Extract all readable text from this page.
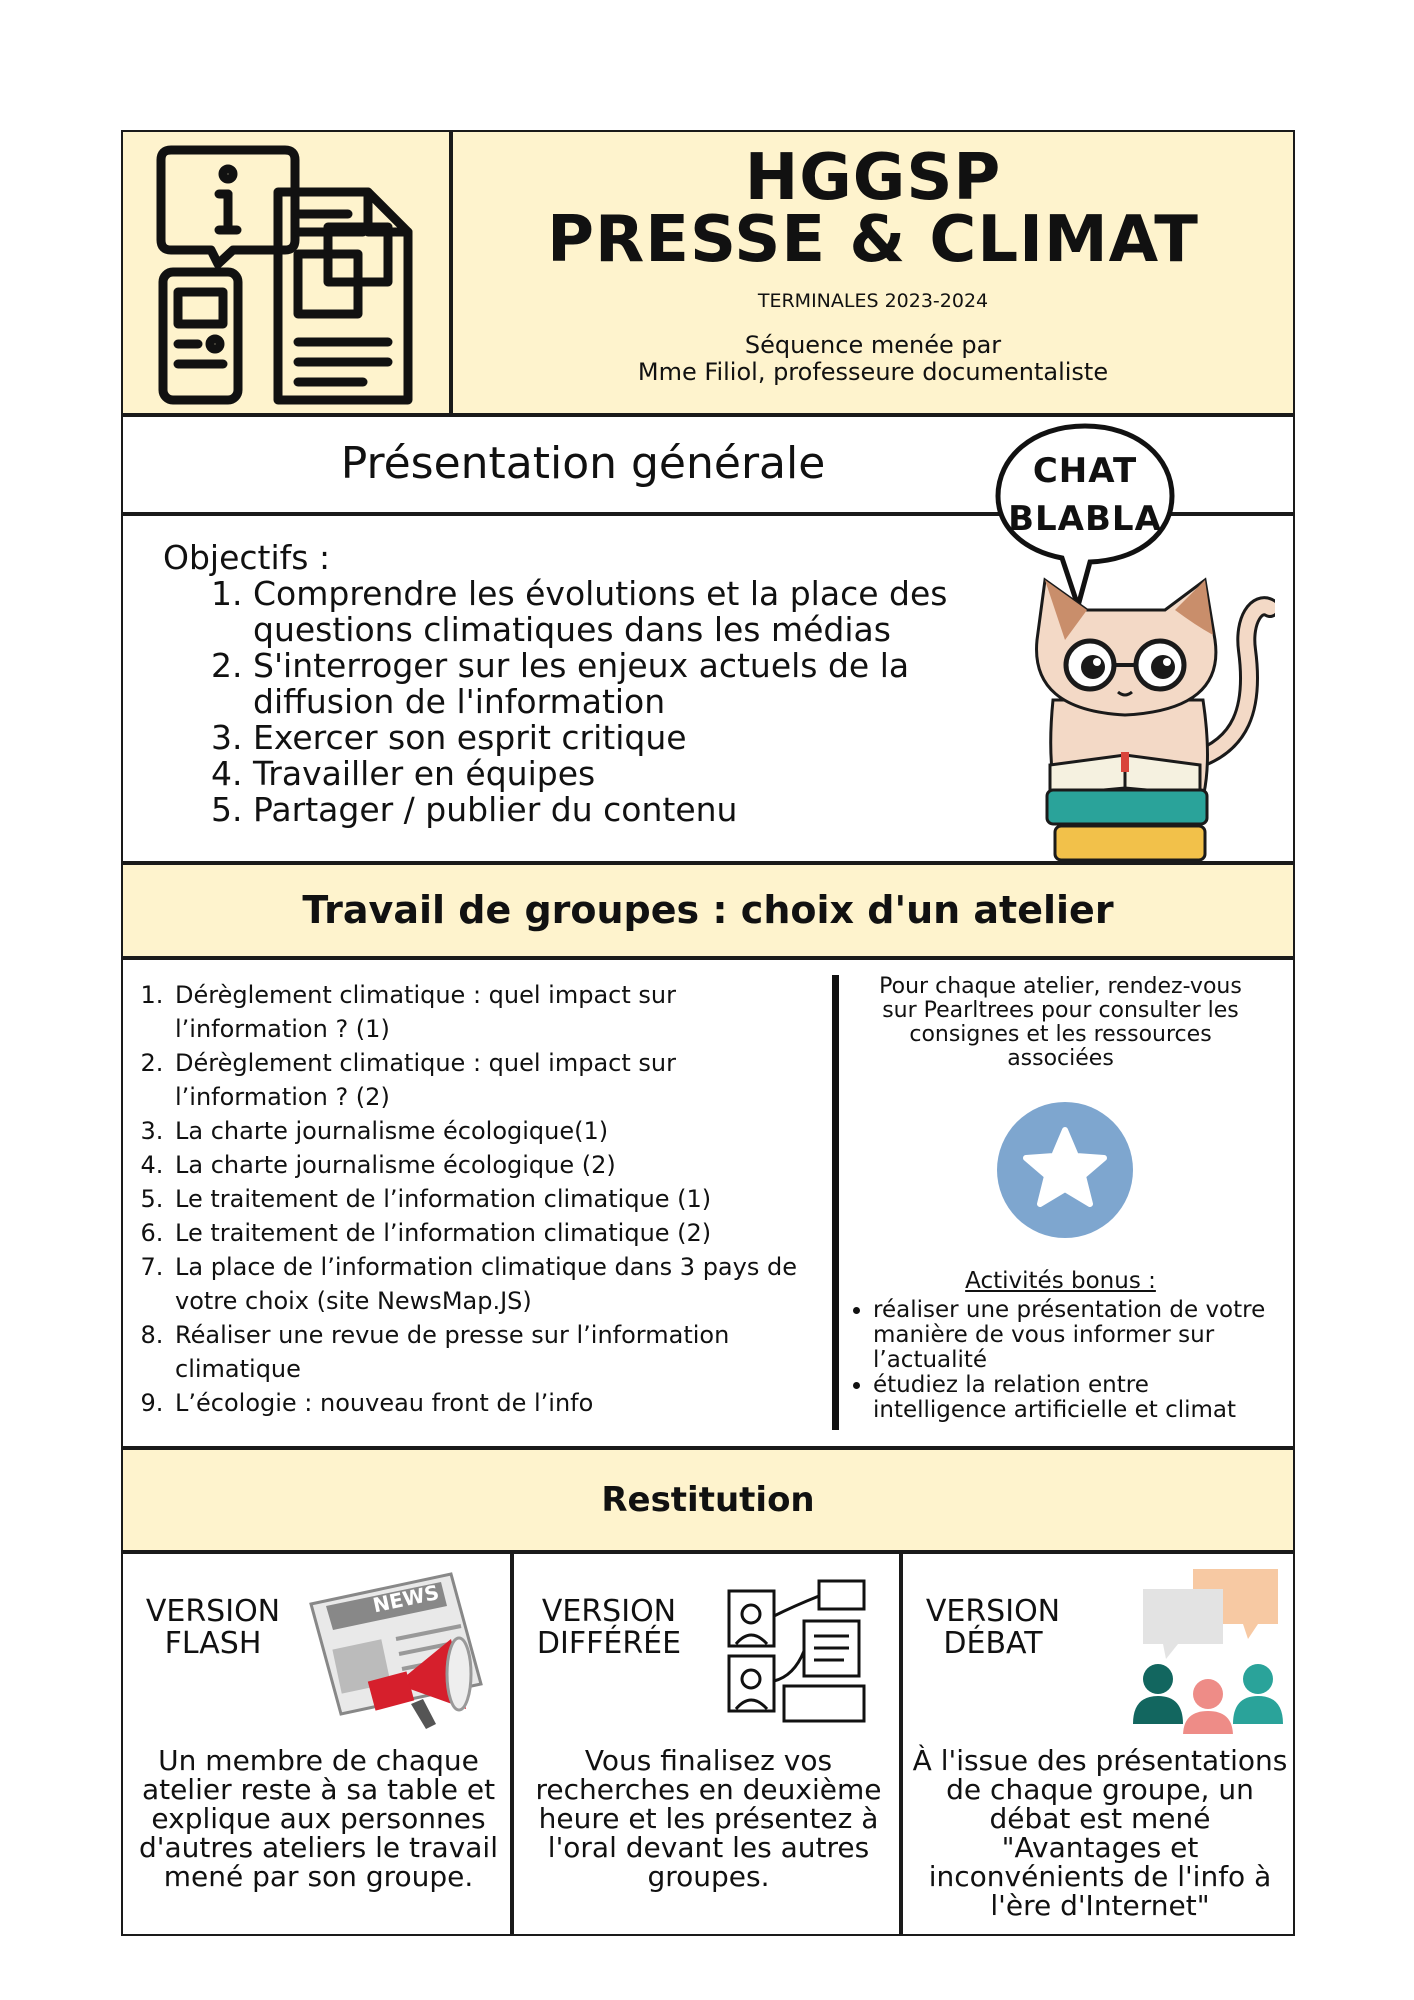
HGGSP
PRESSE & CLIMAT
TERMINALES 2023-2024
Séquence menée par
Mme Filiol, professeure documentaliste
Présentation générale
Objectifs :
1. Comprendre les évolutions et la place des questions climatiques dans les médias
2. S'interroger sur les enjeux actuels de la diffusion de l'information
3. Exercer son esprit critique
4. Travailler en équipes
5. Partager / publier du contenu
CHAT
BLABLA
Travail de groupes : choix d'un atelier
1. Dérèglement climatique : quel impact sur l’information ? (1)
2. Dérèglement climatique : quel impact sur l’information ? (2)
3. La charte journalisme écologique(1)
4. La charte journalisme écologique (2)
5. Le traitement de l’information climatique (1)
6. Le traitement de l’information climatique (2)
7. La place de l’information climatique dans 3 pays de votre choix (site NewsMap.JS)
8. Réaliser une revue de presse sur l’information climatique
9. L’écologie : nouveau front de l’info
Pour chaque atelier, rendez-vous sur Pearltrees pour consulter les consignes et les ressources associées
Activités bonus :
• réaliser une présentation de votre manière de vous informer sur l’actualité
• étudiez la relation entre intelligence artificielle et climat
Restitution
VERSION
FLASH
NEWS
Un membre de chaque atelier reste à sa table et explique aux personnes d'autres ateliers le travail mené par son groupe.
VERSION
DIFFÉRÉE
Vous finalisez vos recherches en deuxième heure et les présentez à l'oral devant les autres groupes.
VERSION
DÉBAT
À l'issue des présentations de chaque groupe, un débat est mené "Avantages et inconvénients de l'info à l'ère d'Internet"
